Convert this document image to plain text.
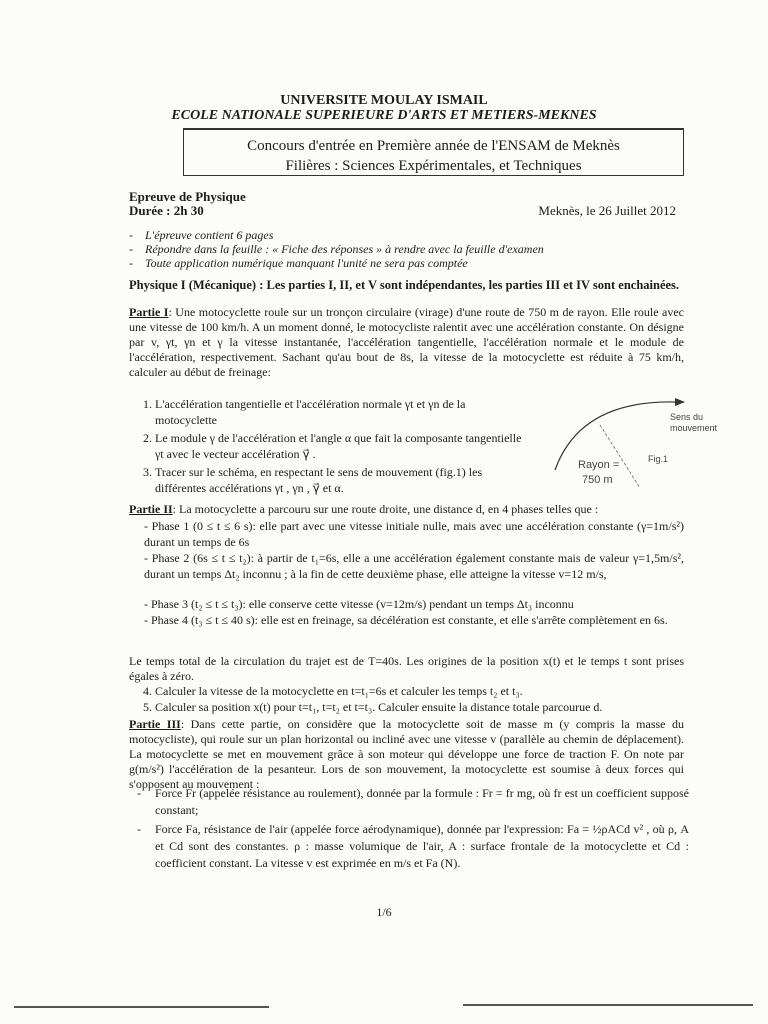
UNIVERSITE MOULAY ISMAIL
ECOLE NATIONALE SUPERIEURE D'ARTS ET METIERS-MEKNES
Concours d'entrée en Première année de l'ENSAM de Meknès
Filières : Sciences Expérimentales, et Techniques
Epreuve de Physique
Durée : 2h 30	Meknès, le 26 Juillet 2012
- L'épreuve contient 6 pages
- Répondre dans la feuille : « Fiche des réponses » à rendre avec la feuille d'examen
- Toute application numérique manquant l'unité ne sera pas comptée
Physique I (Mécanique) : Les parties I, II, et V sont indépendantes, les parties III et IV sont enchainées.
Partie I: Une motocyclette roule sur un tronçon circulaire (virage) d'une route de 750 m de rayon. Elle roule avec une vitesse de 100 km/h. A un moment donné, le motocycliste ralentit avec une accélération constante. On désigne par v, γt, γn et γ la vitesse instantanée, l'accélération tangentielle, l'accélération normale et le module de l'accélération, respectivement. Sachant qu'au bout de 8s, la vitesse de la motocyclette est réduite à 75 km/h, calculer au début de freinage:
1. L'accélération tangentielle et l'accélération normale γt et γn de la motocyclette
2. Le module γ de l'accélération et l'angle α que fait la composante tangentielle γt avec le vecteur accélération γ⃗ .
3. Tracer sur le schéma, en respectant le sens de mouvement (fig.1) les différentes accélérations γt , γn , γ⃗ et α.
Sens du
mouvement
Rayon =
750 m
Fig.1
Partie II: La motocyclette a parcouru sur une route droite, une distance d, en 4 phases telles que :
- Phase 1 (0 ≤ t ≤ 6 s): elle part avec une vitesse initiale nulle, mais avec une accélération constante (γ=1m/s²) durant un temps de 6s
- Phase 2 (6s ≤ t ≤ t₂): à partir de t₁=6s, elle a une accélération également constante mais de valeur γ=1,5m/s², durant un temps Δt₂ inconnu ; à la fin de cette deuxième phase, elle atteigne la vitesse v=12 m/s,
- Phase 3 (t₂ ≤ t ≤ t₃): elle conserve cette vitesse (v=12m/s) pendant un temps Δt₃ inconnu
- Phase 4 (t₃ ≤ t ≤ 40 s): elle est en freinage, sa décélération est constante, et elle s'arrête complètement en 6s.
Le temps total de la circulation du trajet est de T=40s. Les origines de la position x(t) et le temps t sont prises égales à zéro.
4. Calculer la vitesse de la motocyclette en t=t₁=6s et calculer les temps t₂ et t₃.
5. Calculer sa position x(t) pour t=t₁, t=t₂ et t=t₃. Calculer ensuite la distance totale parcourue d.
Partie III: Dans cette partie, on considère que la motocyclette soit de masse m (y compris la masse du motocycliste), qui roule sur un plan horizontal ou incliné avec une vitesse v (parallèle au chemin de déplacement). La motocyclette se met en mouvement grâce à son moteur qui développe une force de traction F. On note par g(m/s²) l'accélération de la pesanteur. Lors de son mouvement, la motocyclette est soumise à deux forces qui s'opposent au mouvement :
- Force Fr (appelée résistance au roulement), donnée par la formule : Fr = fr mg, où fr est un coefficient supposé constant;
- Force Fa, résistance de l'air (appelée force aérodynamique), donnée par l'expression: Fa = ½ρACd v² , où ρ, A et Cd sont des constantes. ρ : masse volumique de l'air, A : surface frontale de la motocyclette et Cd : coefficient constant. La vitesse v est exprimée en m/s et Fa (N).
1/6
